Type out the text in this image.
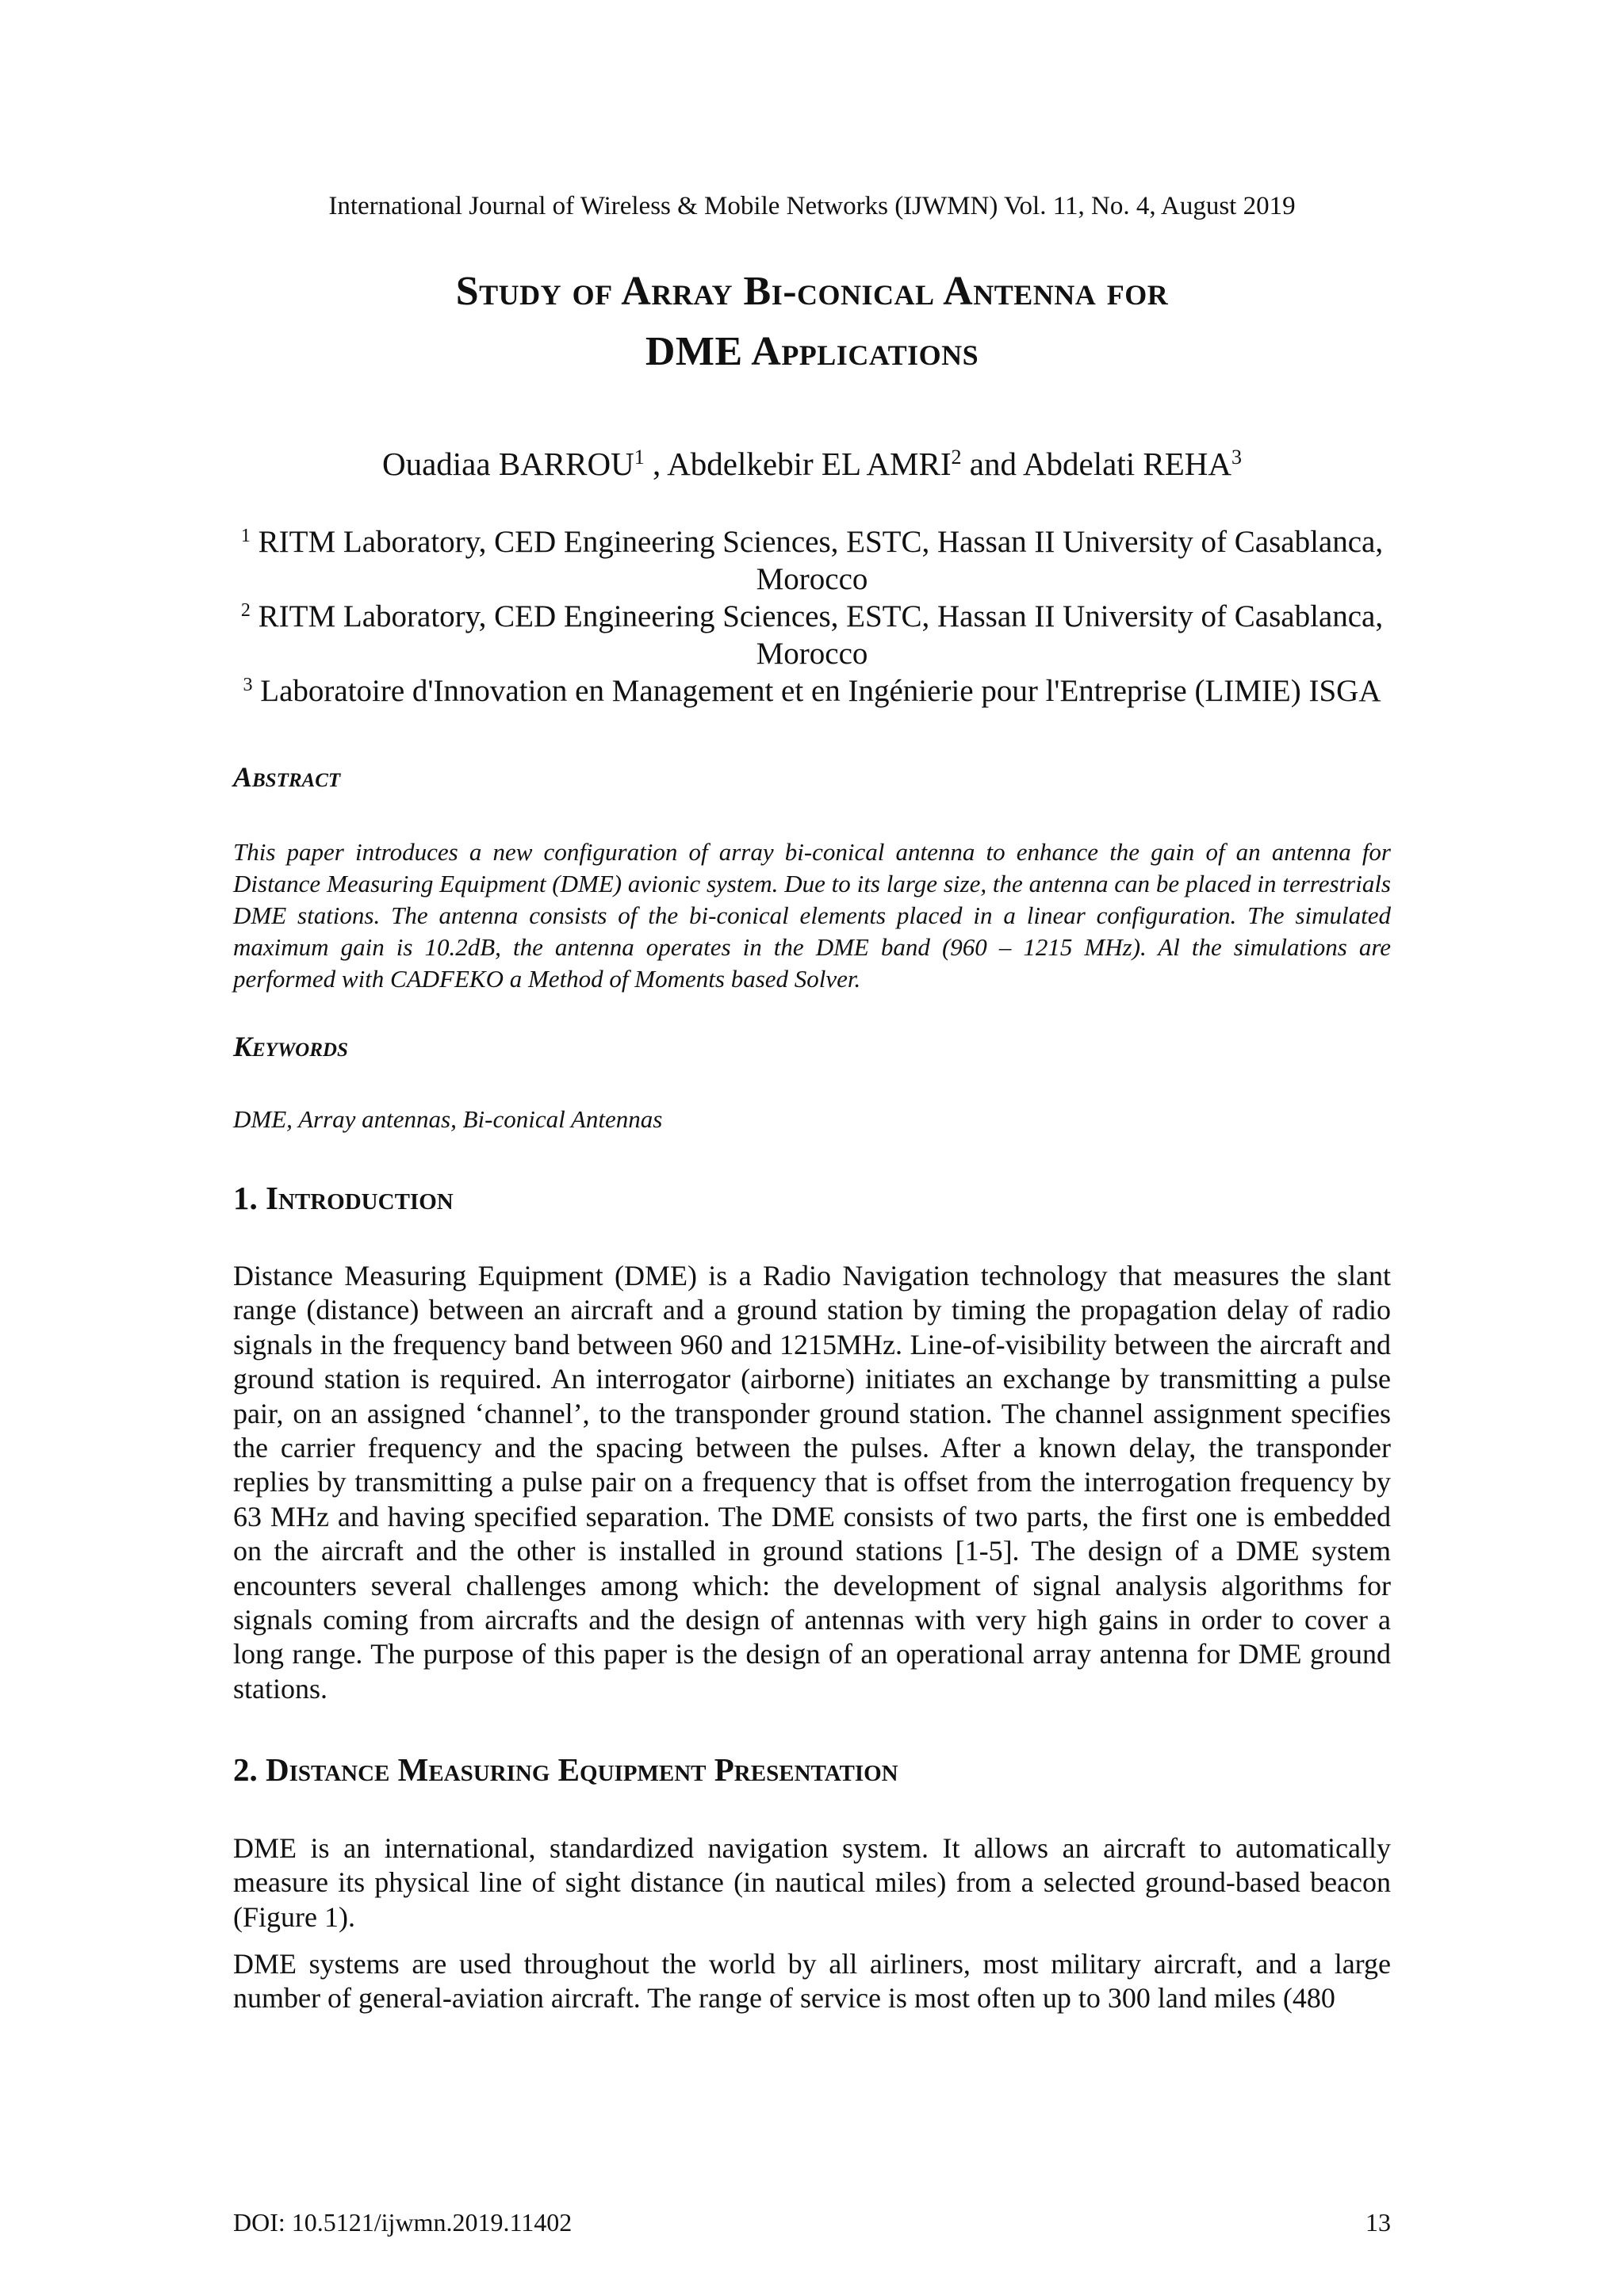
International Journal of Wireless & Mobile Networks (IJWMN) Vol. 11, No. 4, August 2019
Study of Array Bi-conical Antenna for
DME Applications
Ouadiaa BARROU$^1$ , Abdelkebir EL AMRI$^2$ and Abdelati REHA$^3$
$^1$ RITM Laboratory, CED Engineering Sciences, ESTC, Hassan II University of Casablanca, Morocco
$^2$ RITM Laboratory, CED Engineering Sciences, ESTC, Hassan II University of Casablanca, Morocco
$^3$ Laboratoire d'Innovation en Management et en Ingénierie pour l'Entreprise (LIMIE) ISGA
Abstract
This paper introduces a new configuration of array bi-conical antenna to enhance the gain of an antenna for Distance Measuring Equipment (DME) avionic system. Due to its large size, the antenna can be placed in terrestrials DME stations. The antenna consists of the bi-conical elements placed in a linear configuration. The simulated maximum gain is 10.2dB, the antenna operates in the DME band (960 – 1215 MHz). Al the simulations are performed with CADFEKO a Method of Moments based Solver.
Keywords
DME, Array antennas, Bi-conical Antennas
1. Introduction
Distance Measuring Equipment (DME) is a Radio Navigation technology that measures the slant range (distance) between an aircraft and a ground station by timing the propagation delay of radio signals in the frequency band between 960 and 1215MHz. Line-of-visibility between the aircraft and ground station is required. An interrogator (airborne) initiates an exchange by transmitting a pulse pair, on an assigned ‘channel’, to the transponder ground station. The channel assignment specifies the carrier frequency and the spacing between the pulses. After a known delay, the transponder replies by transmitting a pulse pair on a frequency that is offset from the interrogation frequency by 63 MHz and having specified separation. The DME consists of two parts, the first one is embedded on the aircraft and the other is installed in ground stations [1-5]. The design of a DME system encounters several challenges among which: the development of signal analysis algorithms for signals coming from aircrafts and the design of antennas with very high gains in order to cover a long range. The purpose of this paper is the design of an operational array antenna for DME ground stations.
2. Distance Measuring Equipment Presentation
DME is an international, standardized navigation system. It allows an aircraft to automatically measure its physical line of sight distance (in nautical miles) from a selected ground-based beacon (Figure 1).
DME systems are used throughout the world by all airliners, most military aircraft, and a large number of general-aviation aircraft. The range of service is most often up to 300 land miles (480
DOI: 10.5121/ijwmn.2019.11402	13
